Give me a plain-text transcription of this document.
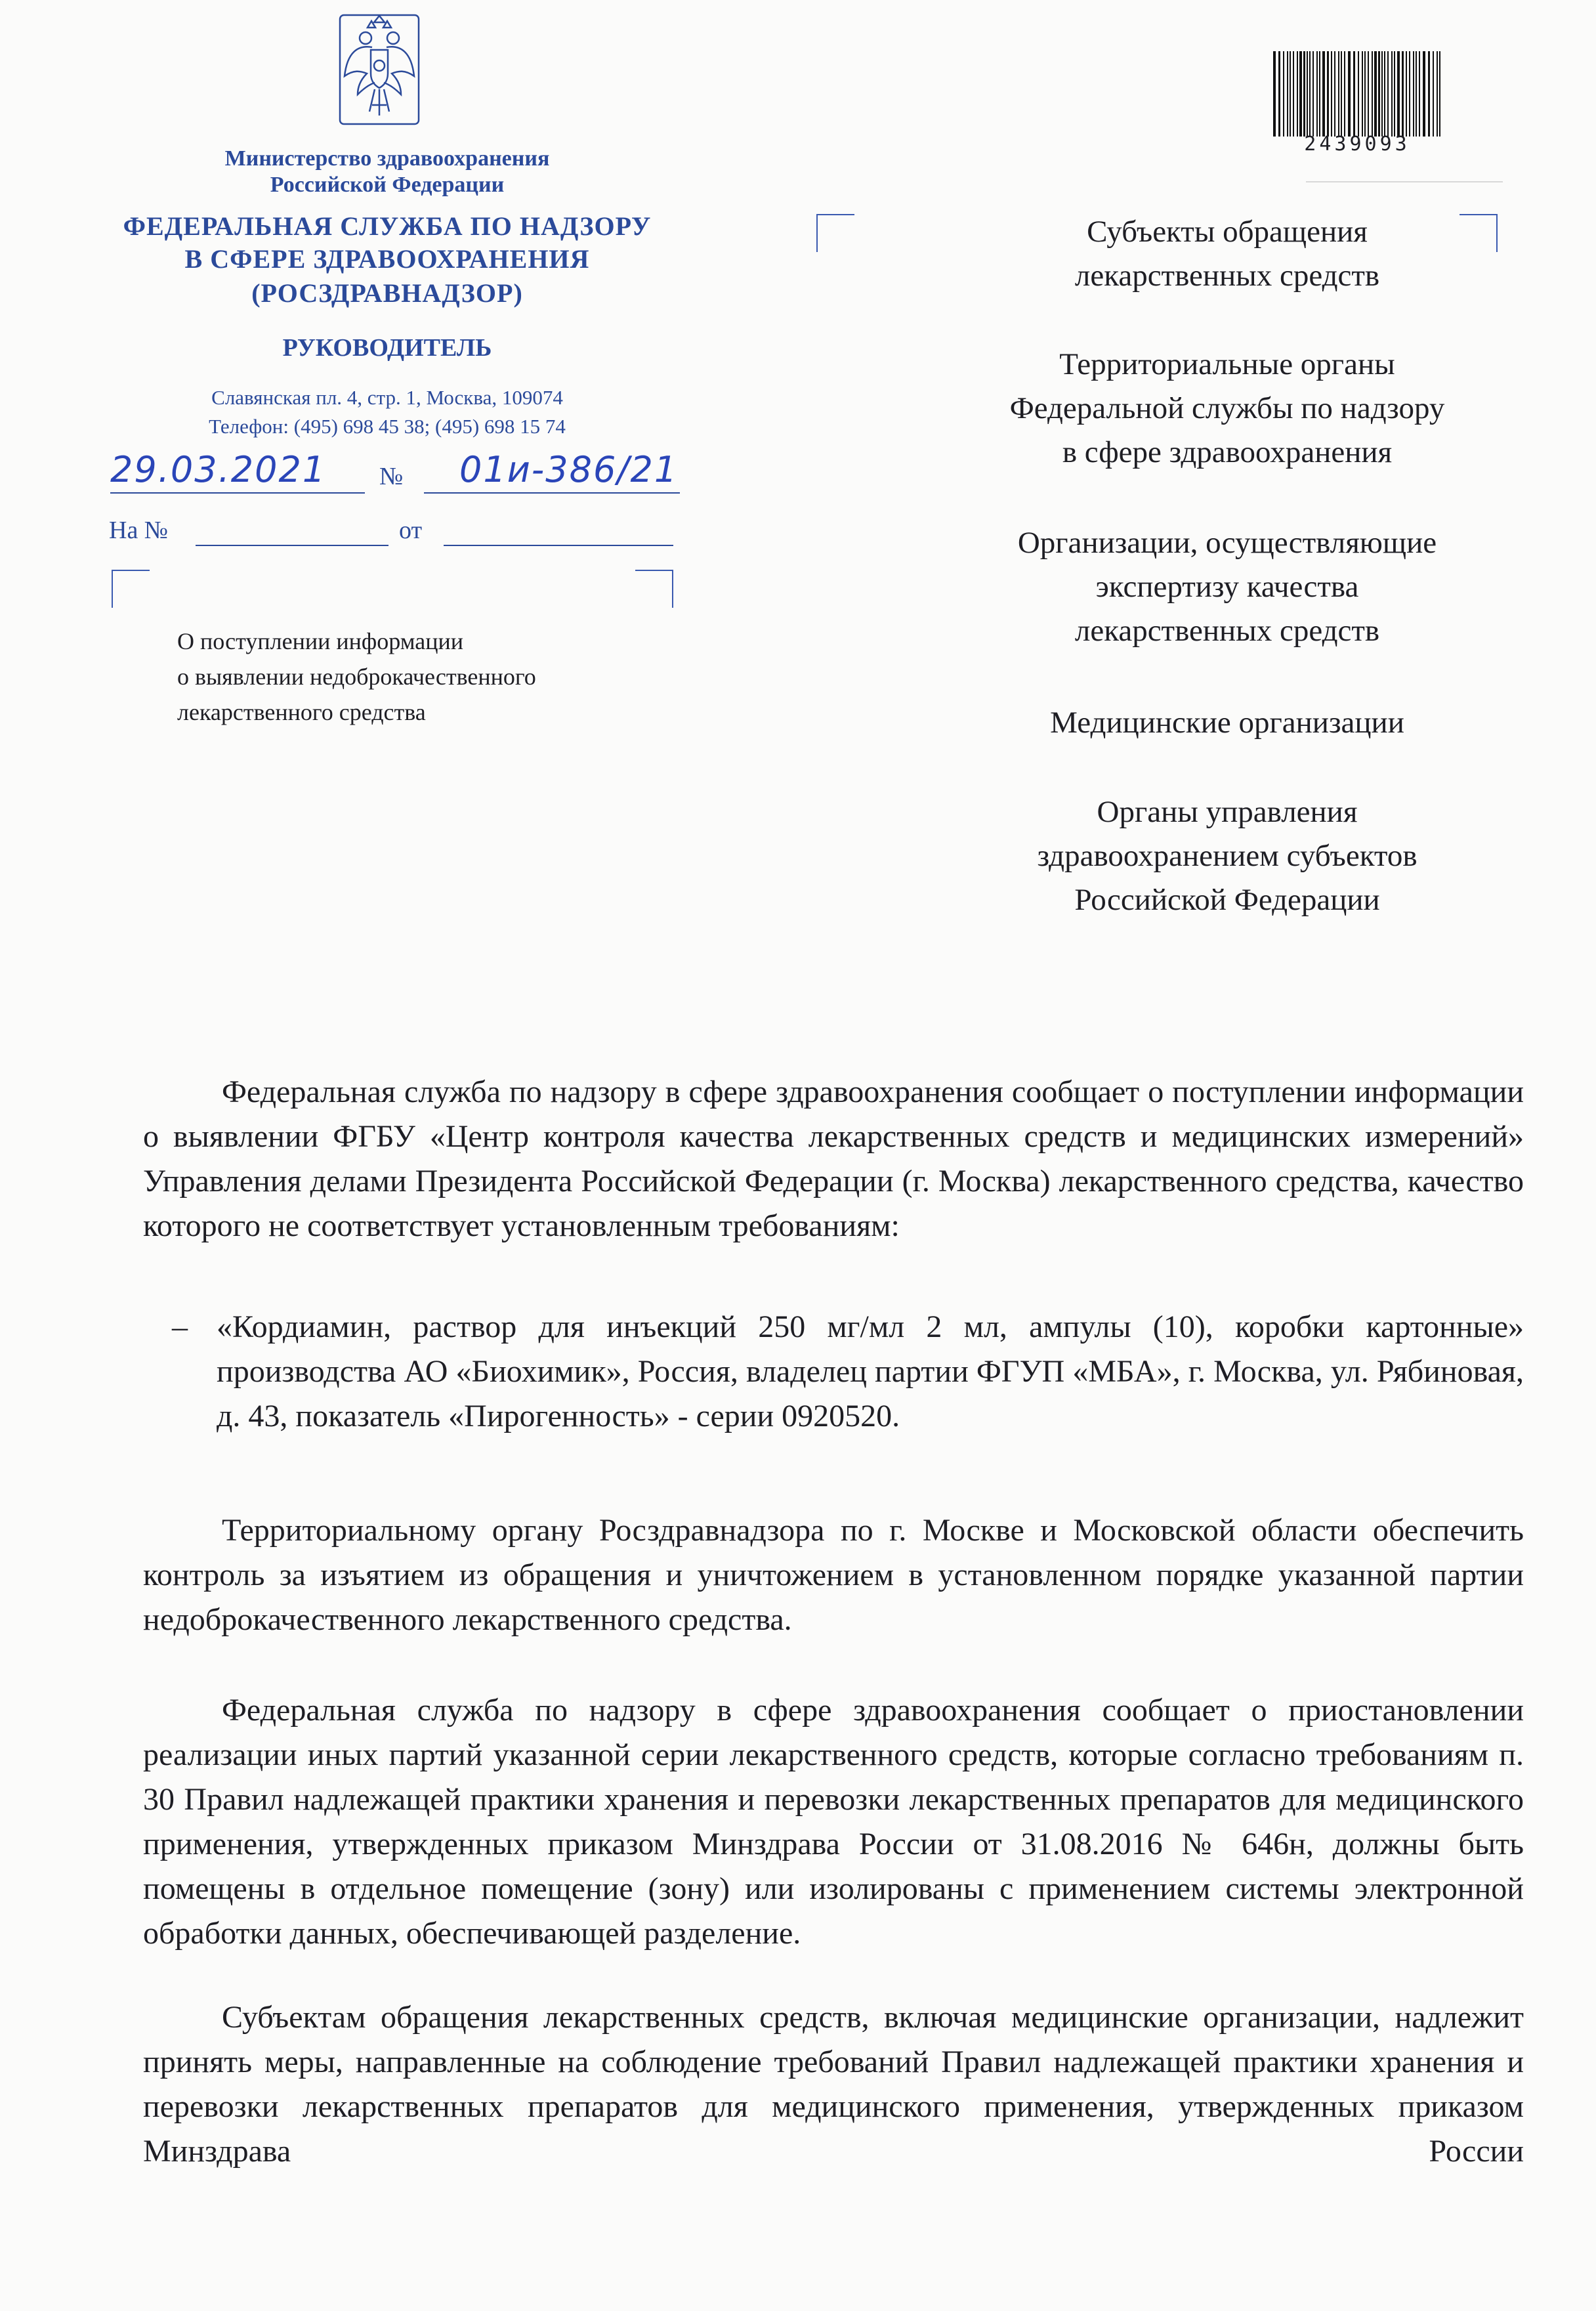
Министерство здравоохранения
Российской Федерации
ФЕДЕРАЛЬНАЯ СЛУЖБА ПО НАДЗОРУ
В СФЕРЕ ЗДРАВООХРАНЕНИЯ
(РОСЗДРАВНАДЗОР)
РУКОВОДИТЕЛЬ
Славянская пл. 4, стр. 1, Москва, 109074
Телефон: (495) 698 45 38; (495) 698 15 74
29.03.2021 № 01и-386/21
На №	от
О поступлении информации
о выявлении недоброкачественного
лекарственного средства
2439093
Субъекты обращения
лекарственных средств
Территориальные органы
Федеральной службы по надзору
в сфере здравоохранения
Организации, осуществляющие
экспертизу качества
лекарственных средств
Медицинские организации
Органы управления
здравоохранением субъектов
Российской Федерации
Федеральная служба по надзору в сфере здравоохранения сообщает о поступлении информации о выявлении ФГБУ «Центр контроля качества лекарственных средств и медицинских измерений» Управления делами Президента Российской Федерации (г. Москва) лекарственного средства, качество которого не соответствует установленным требованиям:
– «Кордиамин, раствор для инъекций 250 мг/мл 2 мл, ампулы (10), коробки картонные» производства АО «Биохимик», Россия, владелец партии ФГУП «МБА», г. Москва, ул. Рябиновая, д. 43, показатель «Пирогенность» - серии 0920520.
Территориальному органу Росздравнадзора по г. Москве и Московской области обеспечить контроль за изъятием из обращения и уничтожением в установленном порядке указанной партии недоброкачественного лекарственного средства.
Федеральная служба по надзору в сфере здравоохранения сообщает о приостановлении реализации иных партий указанной серии лекарственного средств, которые согласно требованиям п. 30 Правил надлежащей практики хранения и перевозки лекарственных препаратов для медицинского применения, утвержденных приказом Минздрава России от 31.08.2016 № 646н, должны быть помещены в отдельное помещение (зону) или изолированы с применением системы электронной обработки данных, обеспечивающей разделение.
Субъектам обращения лекарственных средств, включая медицинские организации, надлежит принять меры, направленные на соблюдение требований Правил надлежащей практики хранения и перевозки лекарственных препаратов для медицинского применения, утвержденных приказом Минздрава России
